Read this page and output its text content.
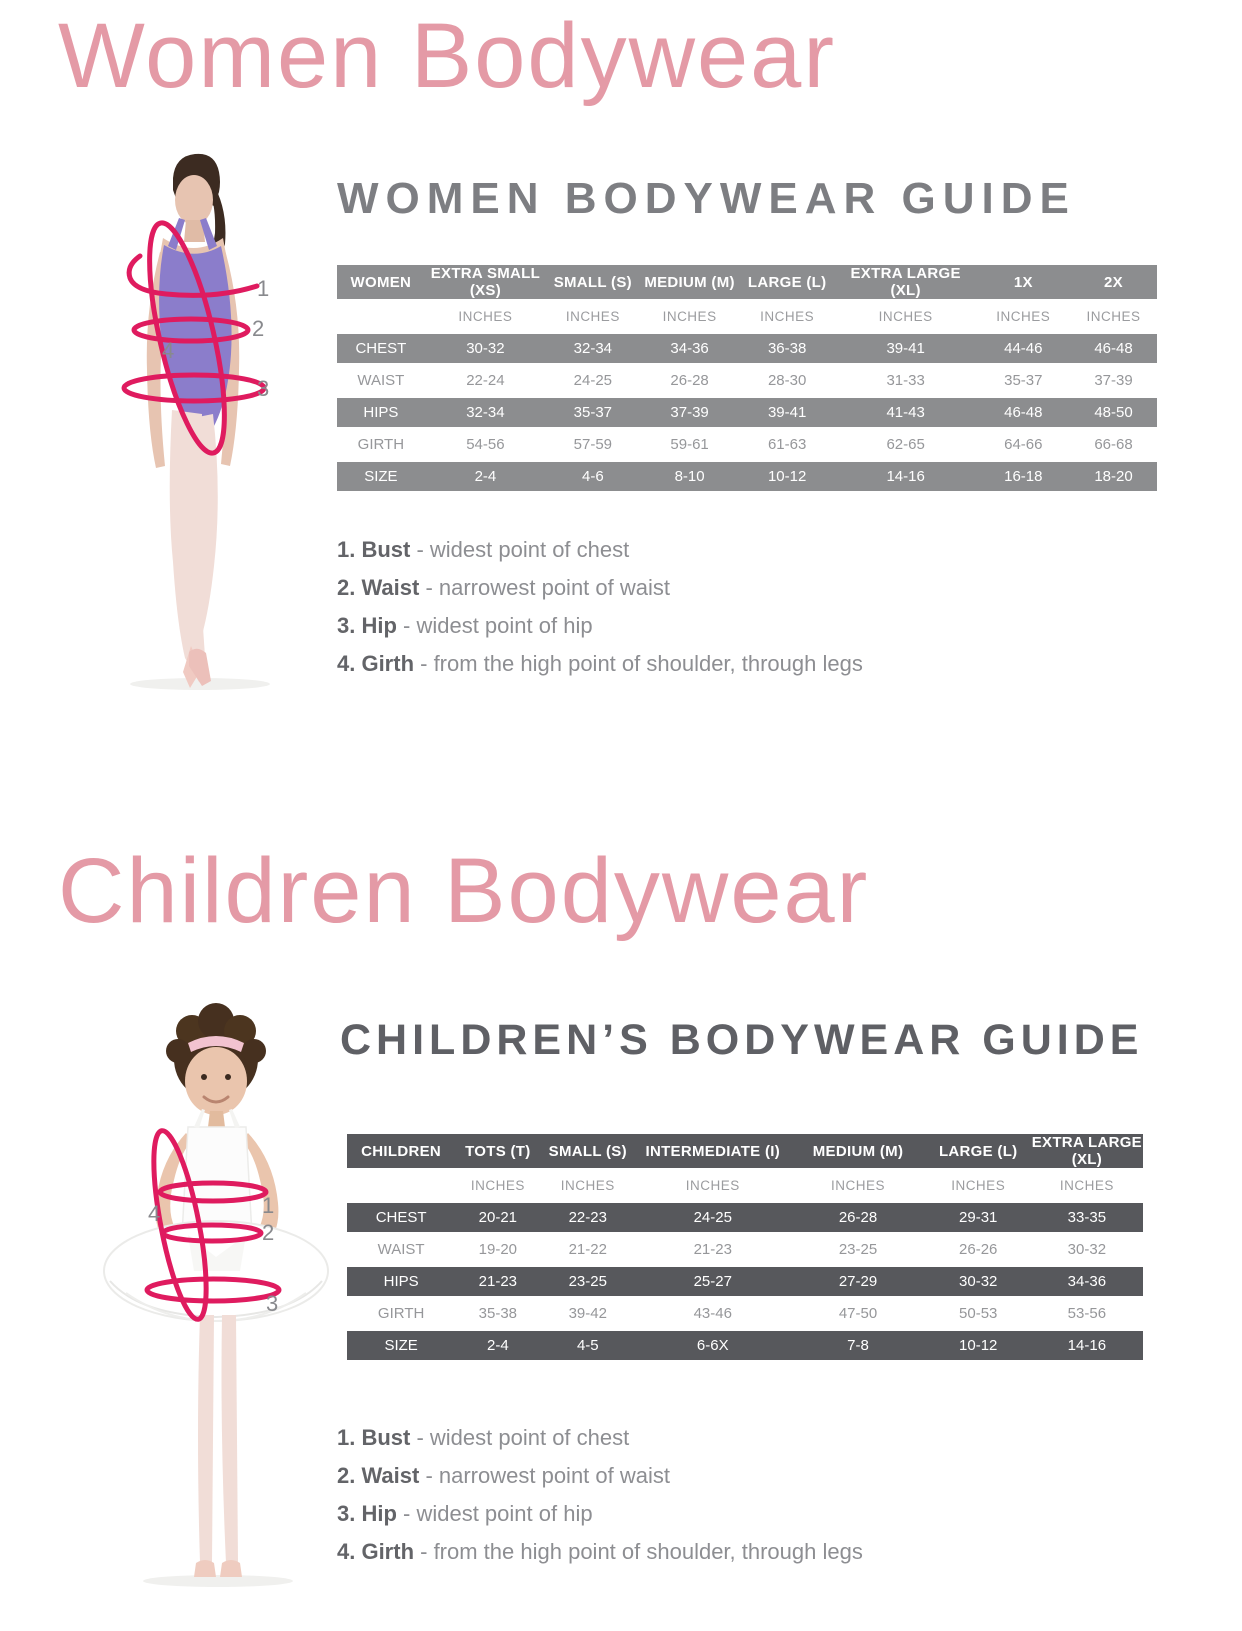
Women Bodywear
1
2
3
4
WOMEN BODYWEAR GUIDE
WOMEN	EXTRA SMALL (XS)	SMALL (S)	MEDIUM (M)	LARGE (L)	EXTRA LARGE (XL)	1X	2X
	INCHES	INCHES	INCHES	INCHES	INCHES	INCHES	INCHES
CHEST	30-32	32-34	34-36	36-38	39-41	44-46	46-48
WAIST	22-24	24-25	26-28	28-30	31-33	35-37	37-39
HIPS	32-34	35-37	37-39	39-41	41-43	46-48	48-50
GIRTH	54-56	57-59	59-61	61-63	62-65	64-66	66-68
SIZE	2-4	4-6	8-10	10-12	14-16	16-18	18-20
1. Bust - widest point of chest
2. Waist - narrowest point of waist
3. Hip - widest point of hip
4. Girth - from the high point of shoulder, through legs
Children Bodywear
1
2
3
4
CHILDREN’S BODYWEAR GUIDE
CHILDREN	TOTS (T)	SMALL (S)	INTERMEDIATE (I)	MEDIUM (M)	LARGE (L)	EXTRA LARGE (XL)
	INCHES	INCHES	INCHES	INCHES	INCHES	INCHES
CHEST	20-21	22-23	24-25	26-28	29-31	33-35
WAIST	19-20	21-22	21-23	23-25	26-26	30-32
HIPS	21-23	23-25	25-27	27-29	30-32	34-36
GIRTH	35-38	39-42	43-46	47-50	50-53	53-56
SIZE	2-4	4-5	6-6X	7-8	10-12	14-16
1. Bust - widest point of chest
2. Waist - narrowest point of waist
3. Hip - widest point of hip
4. Girth - from the high point of shoulder, through legs
